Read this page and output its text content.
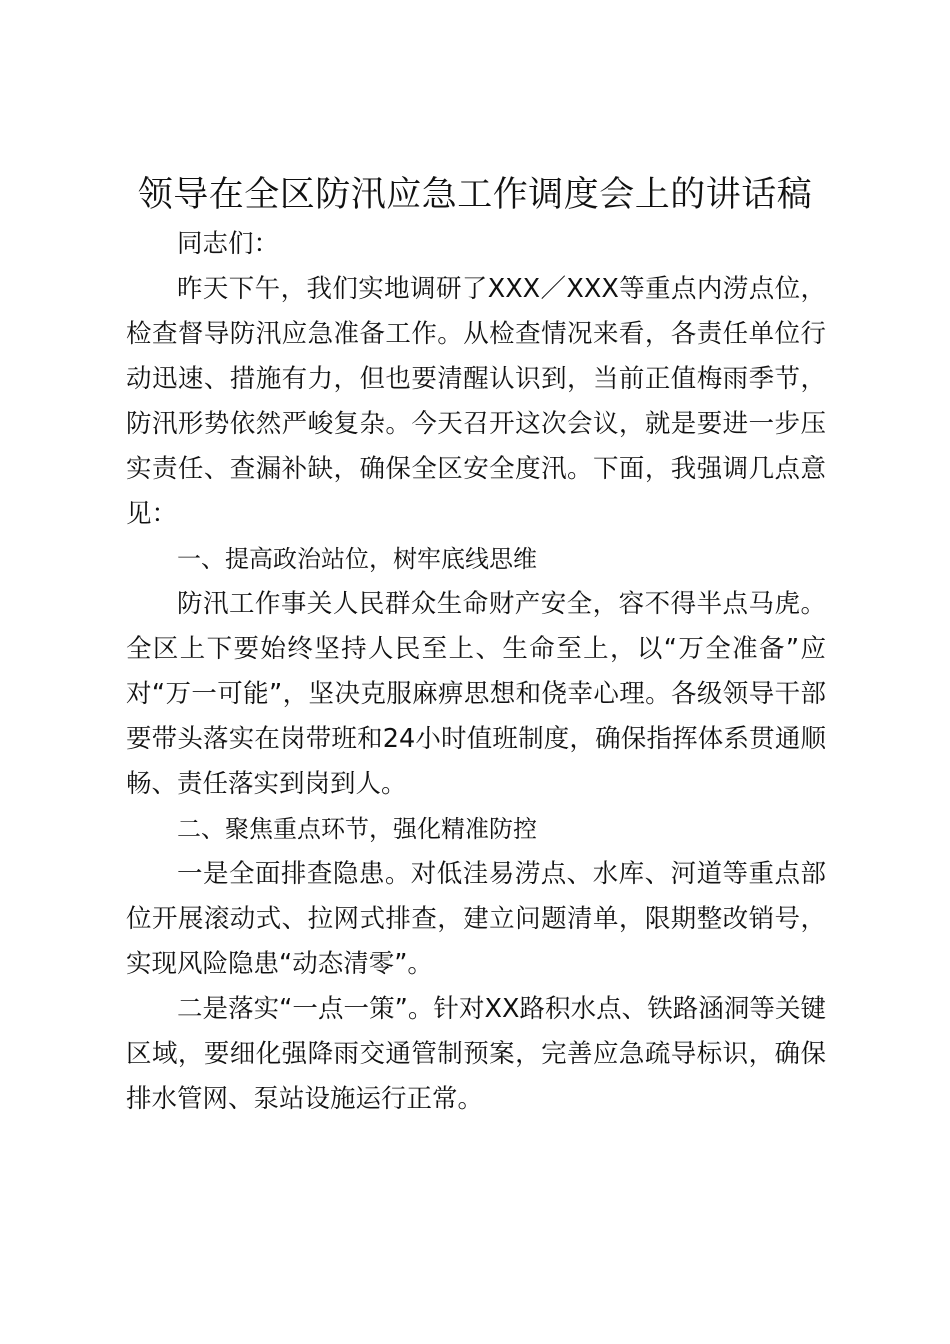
领导在全区防汛应急工作调度会上的讲话稿

同志们：

昨天下午，我们实地调研了XXX／XXX等重点内涝点位，检查督导防汛应急准备工作。从检查情况来看，各责任单位行动迅速、措施有力，但也要清醒认识到，当前正值梅雨季节，防汛形势依然严峻复杂。今天召开这次会议，就是要进一步压实责任、查漏补缺，确保全区安全度汛。下面，我强调几点意见：

一、提高政治站位，树牢底线思维

防汛工作事关人民群众生命财产安全，容不得半点马虎。全区上下要始终坚持人民至上、生命至上，以“万全准备”应对“万一可能”，坚决克服麻痹思想和侥幸心理。各级领导干部要带头落实在岗带班和24小时值班制度，确保指挥体系贯通顺畅、责任落实到岗到人。

二、聚焦重点环节，强化精准防控

一是全面排查隐患。对低洼易涝点、水库、河道等重点部位开展滚动式、拉网式排查，建立问题清单，限期整改销号，实现风险隐患“动态清零”。

二是落实“一点一策”。针对XX路积水点、铁路涵洞等关键区域，要细化强降雨交通管制预案，完善应急疏导标识，确保排水管网、泵站设施运行正常。
